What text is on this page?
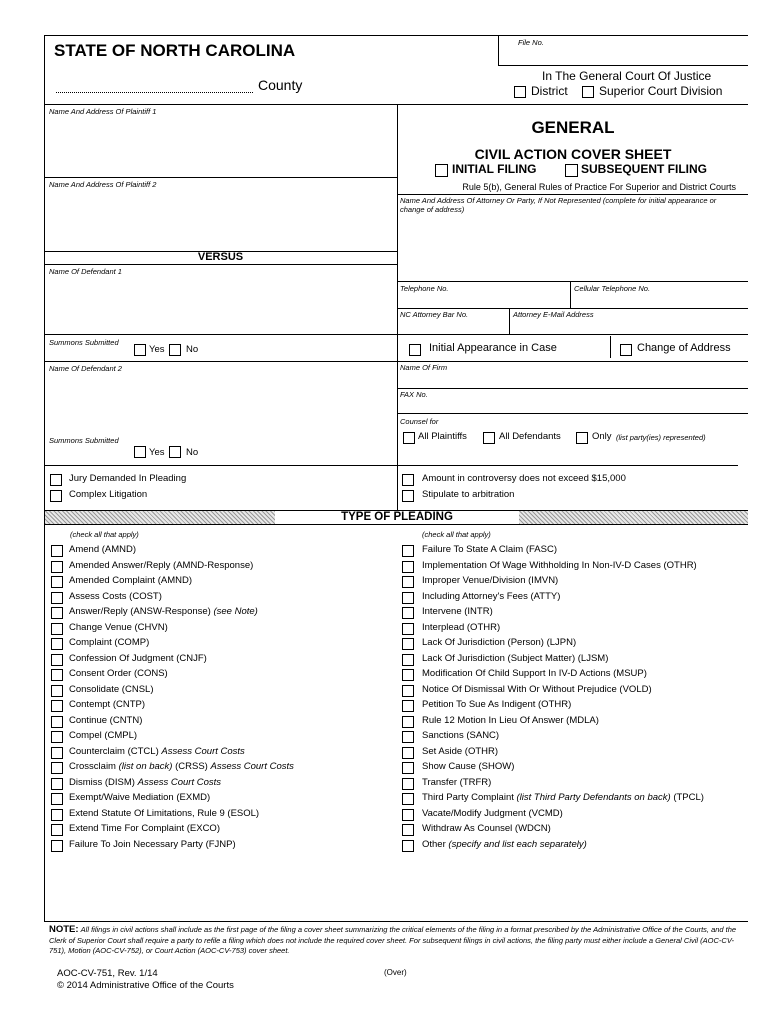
STATE OF NORTH CAROLINA
County
File No.
In The General Court Of Justice
District	Superior Court Division
Name And Address Of Plaintiff 1
Name And Address Of Plaintiff 2
VERSUS
Name Of Defendant 1
Summons Submitted
Yes No
Name Of Defendant 2
Summons Submitted
Yes No
Jury Demanded In Pleading
Complex Litigation
GENERAL
CIVIL ACTION COVER SHEET
INITIAL FILING	SUBSEQUENT FILING
Rule 5(b), General Rules of Practice For Superior and District Courts
Name And Address Of Attorney Or Party, If Not Represented (complete for initial appearance or change of address)
Telephone No.	Cellular Telephone No.
NC Attorney Bar No.	Attorney E-Mail Address
Initial Appearance in Case	Change of Address
Name Of Firm
FAX No.
Counsel for
All Plaintiffs	All Defendants	Only (list party(ies) represented)
Amount in controversy does not exceed $15,000
Stipulate to arbitration
TYPE OF PLEADING
(check all that apply)	(check all that apply)
Amend (AMND)
Amended Answer/Reply (AMND-Response)
Amended Complaint (AMND)
Assess Costs (COST)
Answer/Reply (ANSW-Response) (see Note)
Change Venue (CHVN)
Complaint (COMP)
Confession Of Judgment (CNJF)
Consent Order (CONS)
Consolidate (CNSL)
Contempt (CNTP)
Continue (CNTN)
Compel (CMPL)
Counterclaim (CTCL) Assess Court Costs
Crossclaim (list on back) (CRSS) Assess Court Costs
Dismiss (DISM) Assess Court Costs
Exempt/Waive Mediation (EXMD)
Extend Statute Of Limitations, Rule 9 (ESOL)
Extend Time For Complaint (EXCO)
Failure To Join Necessary Party (FJNP)
Failure To State A Claim (FASC)
Implementation Of Wage Withholding In Non-IV-D Cases (OTHR)
Improper Venue/Division (IMVN)
Including Attorney's Fees (ATTY)
Intervene (INTR)
Interplead (OTHR)
Lack Of Jurisdiction (Person) (LJPN)
Lack Of Jurisdiction (Subject Matter) (LJSM)
Modification Of Child Support In IV-D Actions (MSUP)
Notice Of Dismissal With Or Without Prejudice (VOLD)
Petition To Sue As Indigent (OTHR)
Rule 12 Motion In Lieu Of Answer (MDLA)
Sanctions (SANC)
Set Aside (OTHR)
Show Cause (SHOW)
Transfer (TRFR)
Third Party Complaint (list Third Party Defendants on back) (TPCL)
Vacate/Modify Judgment (VCMD)
Withdraw As Counsel (WDCN)
Other (specify and list each separately)
NOTE: All filings in civil actions shall include as the first page of the filing a cover sheet summarizing the critical elements of the filing in a format prescribed by the Administrative Office of the Courts, and the Clerk of Superior Court shall require a party to refile a filing which does not include the required cover sheet. For subsequent filings in civil actions, the filing party must either include a General Civil (AOC-CV-751), Motion (AOC-CV-752), or Court Action (AOC-CV-753) cover sheet.
AOC-CV-751, Rev. 1/14	(Over)
© 2014 Administrative Office of the Courts
